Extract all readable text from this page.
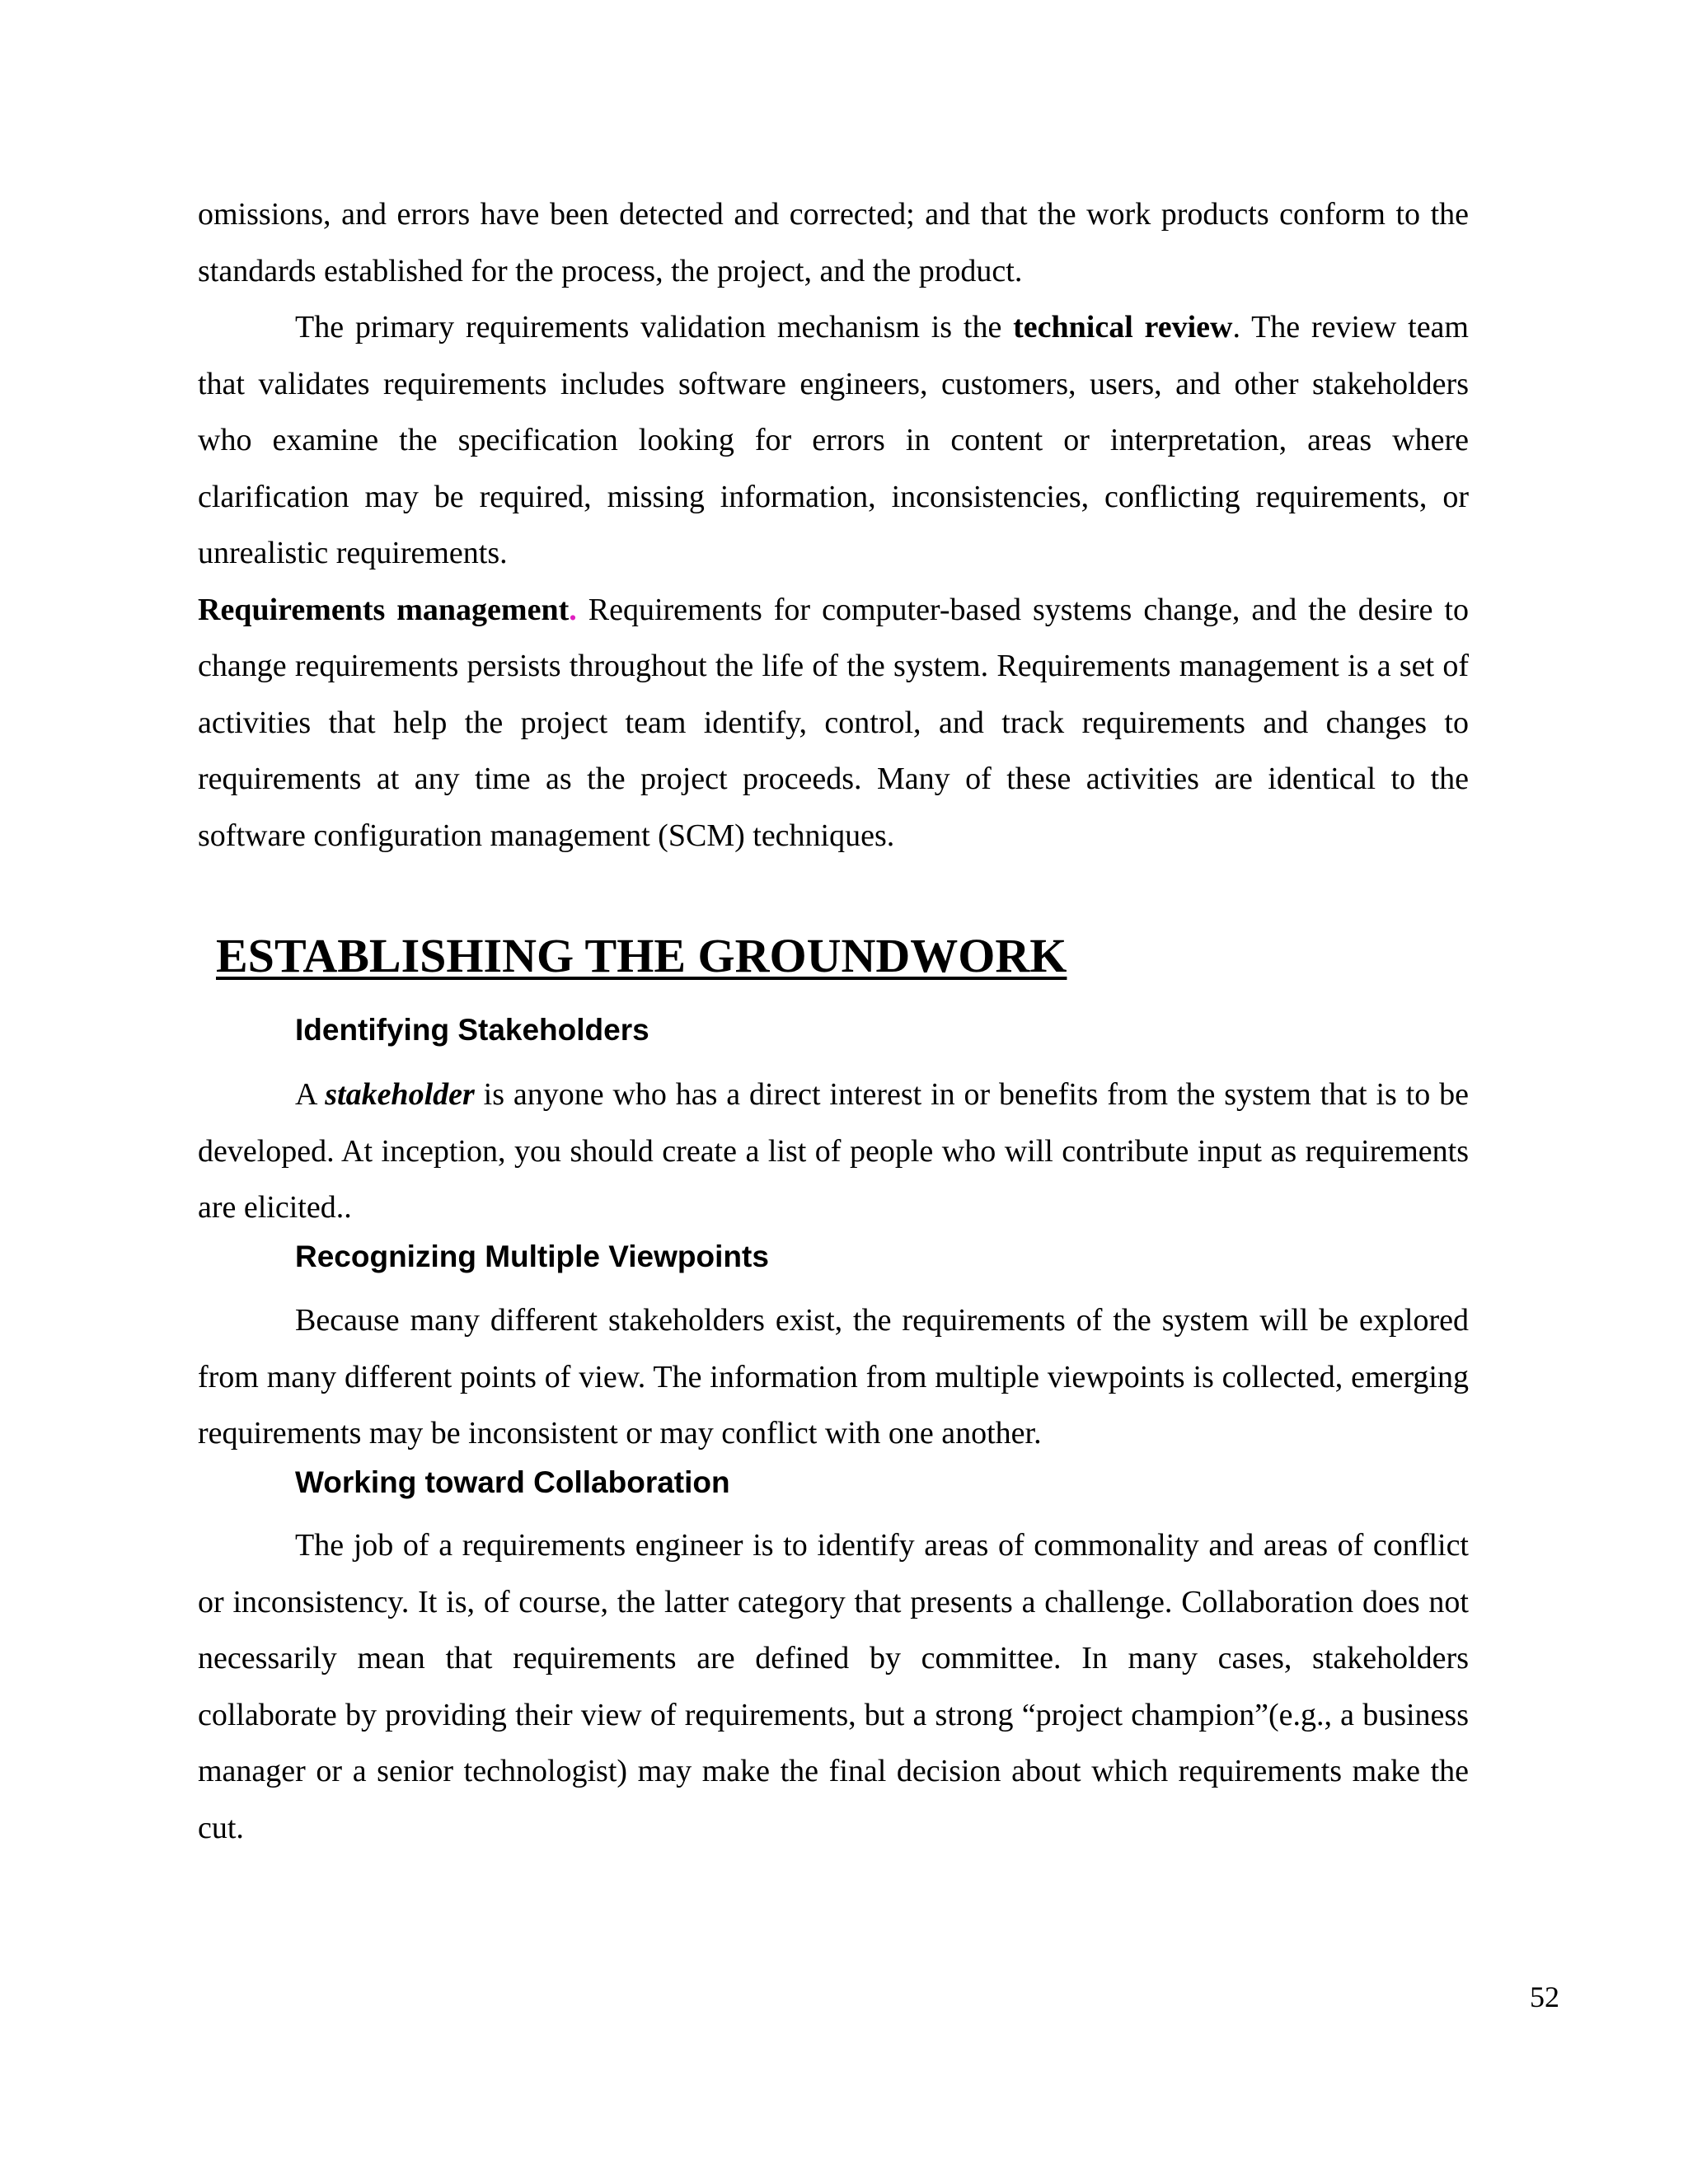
omissions, and errors have been detected and corrected; and that the work products conform to the standards established for the process, the project, and the product.

The primary requirements validation mechanism is the technical review. The review team that validates requirements includes software engineers, customers, users, and other stakeholders who examine the specification looking for errors in content or interpretation, areas where clarification may be required, missing information, inconsistencies, conflicting requirements, or unrealistic requirements.

Requirements management. Requirements for computer-based systems change, and the desire to change requirements persists throughout the life of the system. Requirements management is a set of activities that help the project team identify, control, and track requirements and changes to requirements at any time as the project proceeds. Many of these activities are identical to the software configuration management (SCM) techniques.

ESTABLISHING THE GROUNDWORK
Identifying Stakeholders

A stakeholder is anyone who has a direct interest in or benefits from the system that is to be developed. At inception, you should create a list of people who will contribute input as requirements are elicited..

Recognizing Multiple Viewpoints

Because many different stakeholders exist, the requirements of the system will be explored from many different points of view. The information from multiple viewpoints is collected, emerging requirements may be inconsistent or may conflict with one another.

Working toward Collaboration

The job of a requirements engineer is to identify areas of commonality and areas of conflict or inconsistency. It is, of course, the latter category that presents a challenge. Collaboration does not necessarily mean that requirements are defined by committee. In many cases, stakeholders collaborate by providing their view of requirements, but a strong “project champion”(e.g., a business manager or a senior technologist) may make the final decision about which requirements make the cut.

52
